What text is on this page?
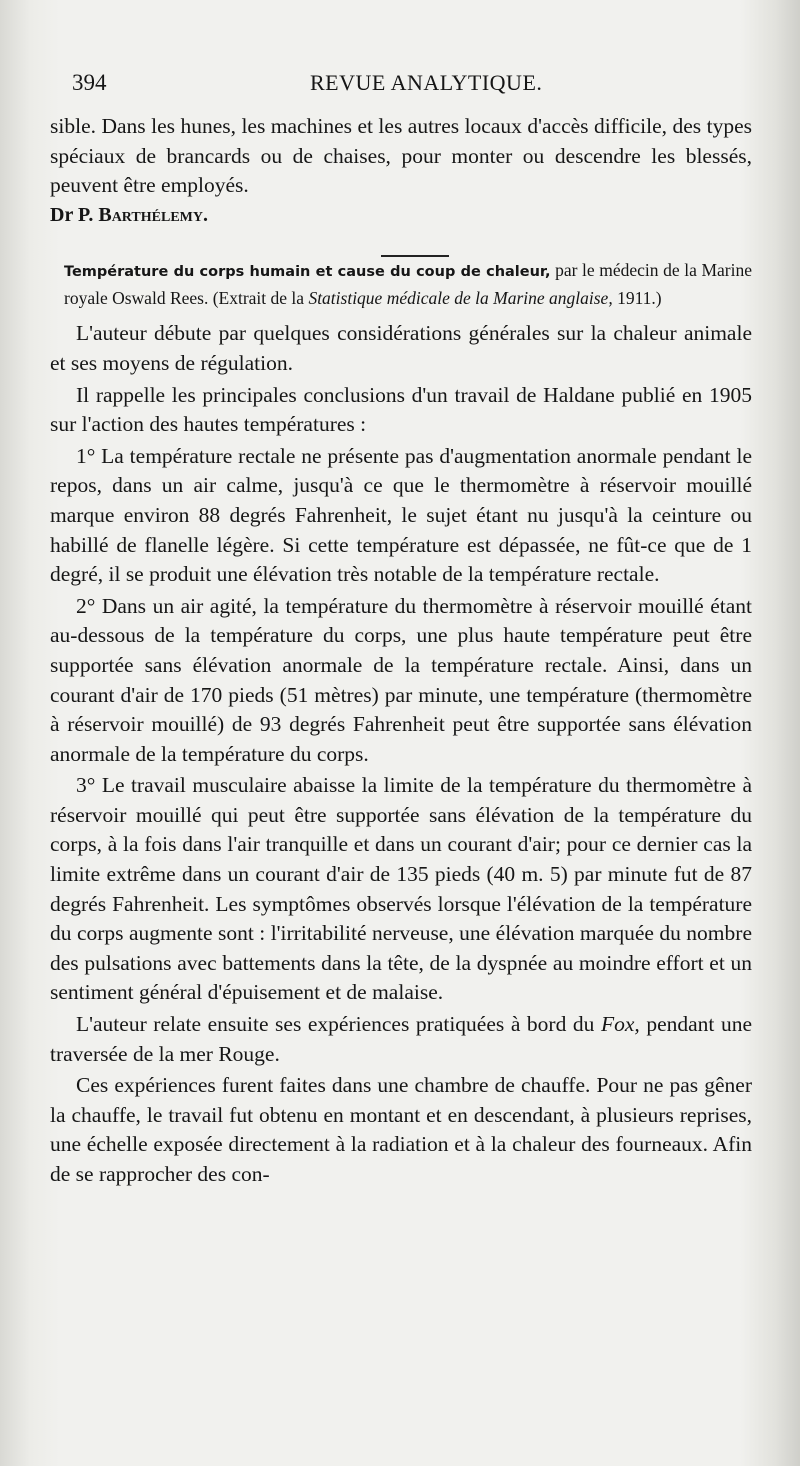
394	REVUE ANALYTIQUE.

sible. Dans les hunes, les machines et les autres locaux d'accès difficile, des types spéciaux de brancards ou de chaises, pour monter ou descendre les blessés, peuvent être employés.

Dr P. Barthélemy.

Température du corps humain et cause du coup de chaleur, par le médecin de la Marine royale Oswald Rees. (Extrait de la Statistique médicale de la Marine anglaise, 1911.)

L'auteur débute par quelques considérations générales sur la chaleur animale et ses moyens de régulation.

Il rappelle les principales conclusions d'un travail de Haldane publié en 1905 sur l'action des hautes températures :

1° La température rectale ne présente pas d'augmentation anormale pendant le repos, dans un air calme, jusqu'à ce que le thermomètre à réservoir mouillé marque environ 88 degrés Fahrenheit, le sujet étant nu jusqu'à la ceinture ou habillé de flanelle légère. Si cette température est dépassée, ne fût-ce que de 1 degré, il se produit une élévation très notable de la température rectale.

2° Dans un air agité, la température du thermomètre à réservoir mouillé étant au-dessous de la température du corps, une plus haute température peut être supportée sans élévation anormale de la température rectale. Ainsi, dans un courant d'air de 170 pieds (51 mètres) par minute, une température (thermomètre à réservoir mouillé) de 93 degrés Fahrenheit peut être supportée sans élévation anormale de la température du corps.

3° Le travail musculaire abaisse la limite de la température du thermomètre à réservoir mouillé qui peut être supportée sans élévation de la température du corps, à la fois dans l'air tranquille et dans un courant d'air; pour ce dernier cas la limite extrême dans un courant d'air de 135 pieds (40 m. 5) par minute fut de 87 degrés Fahrenheit. Les symptômes observés lorsque l'élévation de la température du corps augmente sont : l'irritabilité nerveuse, une élévation marquée du nombre des pulsations avec battements dans la tête, de la dyspnée au moindre effort et un sentiment général d'épuisement et de malaise.

L'auteur relate ensuite ses expériences pratiquées à bord du Fox, pendant une traversée de la mer Rouge.

Ces expériences furent faites dans une chambre de chauffe. Pour ne pas gêner la chauffe, le travail fut obtenu en montant et en descendant, à plusieurs reprises, une échelle exposée directement à la radiation et à la chaleur des fourneaux. Afin de se rapprocher des con-
